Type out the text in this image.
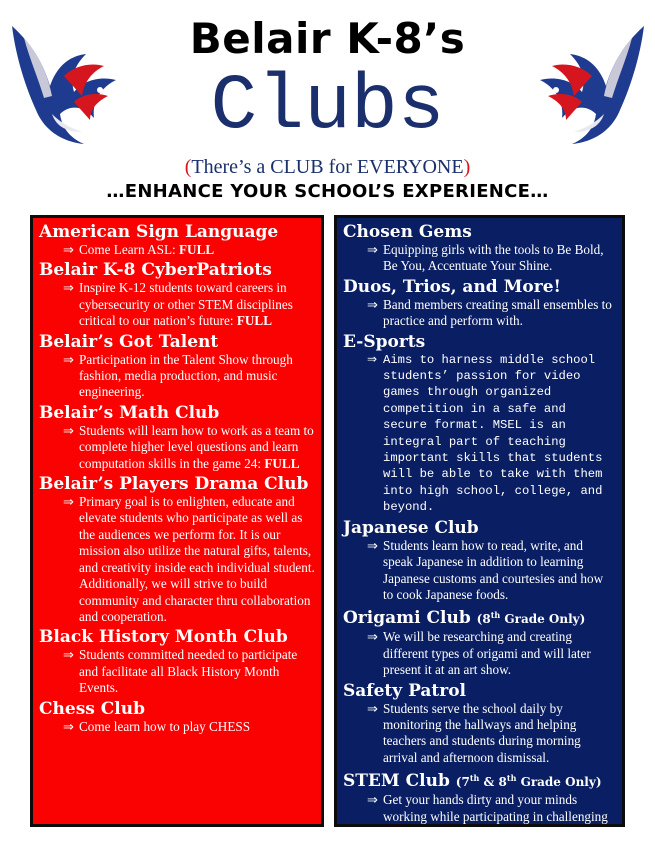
Belair K-8’s
Clubs
(There’s a CLUB for EVERYONE)
…ENHANCE YOUR SCHOOL’S EXPERIENCE…
American Sign Language
⇒ Come Learn ASL: FULL
Belair K-8 CyberPatriots
⇒ Inspire K-12 students toward careers in cybersecurity or other STEM disciplines critical to our nation’s future: FULL
Belair’s Got Talent
⇒ Participation in the Talent Show through fashion, media production, and music engineering.
Belair’s Math Club
⇒ Students will learn how to work as a team to complete higher level questions and learn computation skills in the game 24: FULL
Belair’s Players Drama Club
⇒ Primary goal is to enlighten, educate and elevate students who participate as well as the audiences we perform for. It is our mission also utilize the natural gifts, talents, and creativity inside each individual student. Additionally, we will strive to build community and character thru collaboration and cooperation.
Black History Month Club
⇒ Students committed needed to participate and facilitate all Black History Month Events.
Chess Club
⇒ Come learn how to play CHESS
Chosen Gems
⇒ Equipping girls with the tools to Be Bold, Be You, Accentuate Your Shine.
Duos, Trios, and More!
⇒ Band members creating small ensembles to practice and perform with.
E-Sports
⇒ Aims to harness middle school students’ passion for video games through organized competition in a safe and secure format. MSEL is an integral part of teaching important skills that students will be able to take with them into high school, college, and beyond.
Japanese Club
⇒ Students learn how to read, write, and speak Japanese in addition to learning Japanese customs and courtesies and how to cook Japanese foods.
Origami Club (8th Grade Only)
⇒ We will be researching and creating different types of origami and will later present it at an art show.
Safety Patrol
⇒ Students serve the school daily by monitoring the hallways and helping teachers and students during morning arrival and afternoon dismissal.
STEM Club (7th & 8th Grade Only)
⇒ Get your hands dirty and your minds working while participating in challenging yet fun STEM activities.
